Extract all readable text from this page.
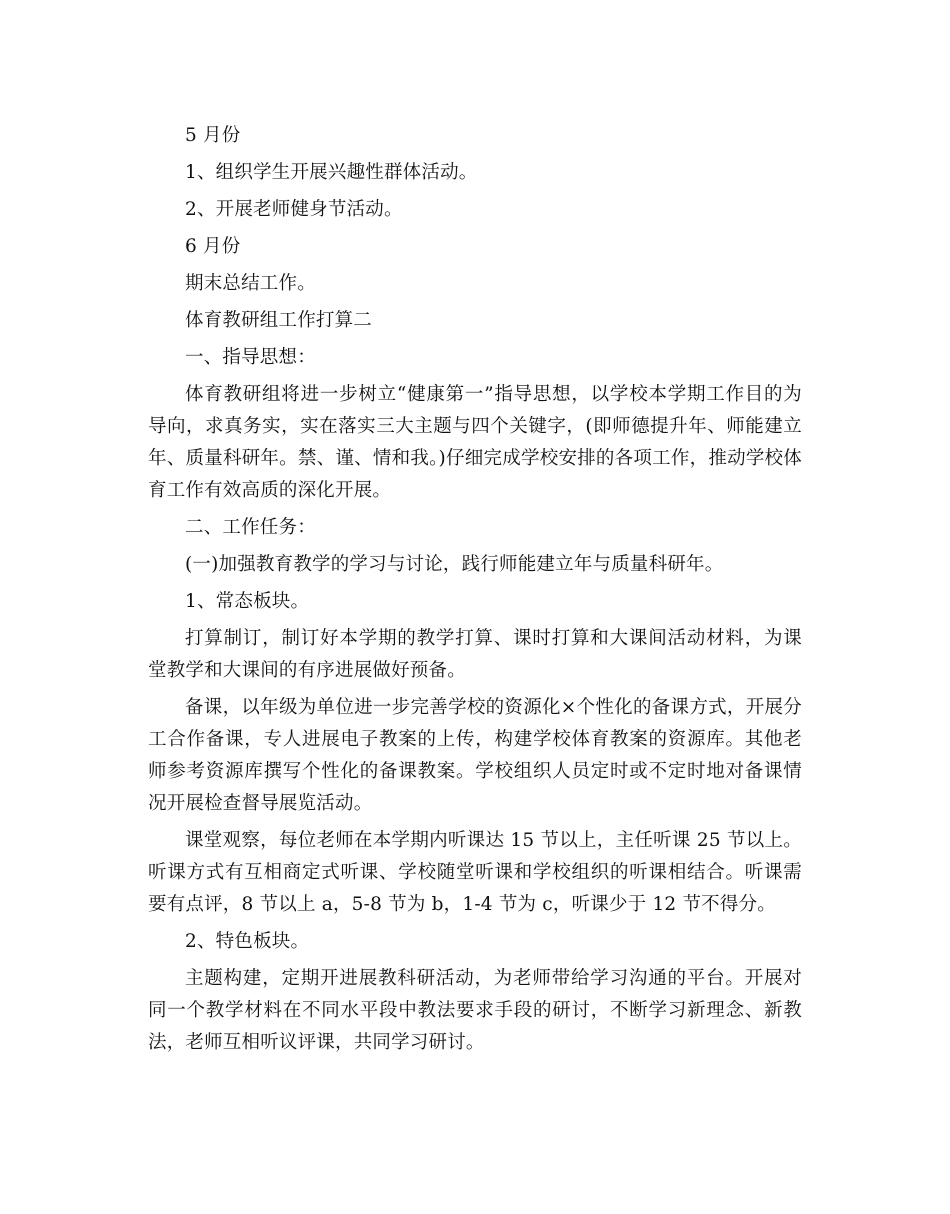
5 月份

1、组织学生开展兴趣性群体活动。

2、开展老师健身节活动。

6 月份

期末总结工作。

体育教研组工作打算二

一、指导思想：

体育教研组将进一步树立“健康第一”指导思想，以学校本学期工作目的为导向，求真务实，实在落实三大主题与四个关键字，(即师德提升年、师能建立年、质量科研年。禁、谨、情和我。)仔细完成学校安排的各项工作，推动学校体育工作有效高质的深化开展。

二、工作任务：

(一)加强教育教学的学习与讨论，践行师能建立年与质量科研年。

1、常态板块。

打算制订，制订好本学期的教学打算、课时打算和大课间活动材料，为课堂教学和大课间的有序进展做好预备。

备课，以年级为单位进一步完善学校的资源化×个性化的备课方式，开展分工合作备课，专人进展电子教案的上传，构建学校体育教案的资源库。其他老师参考资源库撰写个性化的备课教案。学校组织人员定时或不定时地对备课情况开展检查督导展览活动。

课堂观察，每位老师在本学期内听课达 15 节以上，主任听课 25 节以上。听课方式有互相商定式听课、学校随堂听课和学校组织的听课相结合。听课需要有点评，8 节以上 a，5-8 节为 b，1-4 节为 c，听课少于 12 节不得分。

2、特色板块。

主题构建，定期开进展教科研活动，为老师带给学习沟通的平台。开展对同一个教学材料在不同水平段中教法要求手段的研讨，不断学习新理念、新教法，老师互相听议评课，共同学习研讨。
